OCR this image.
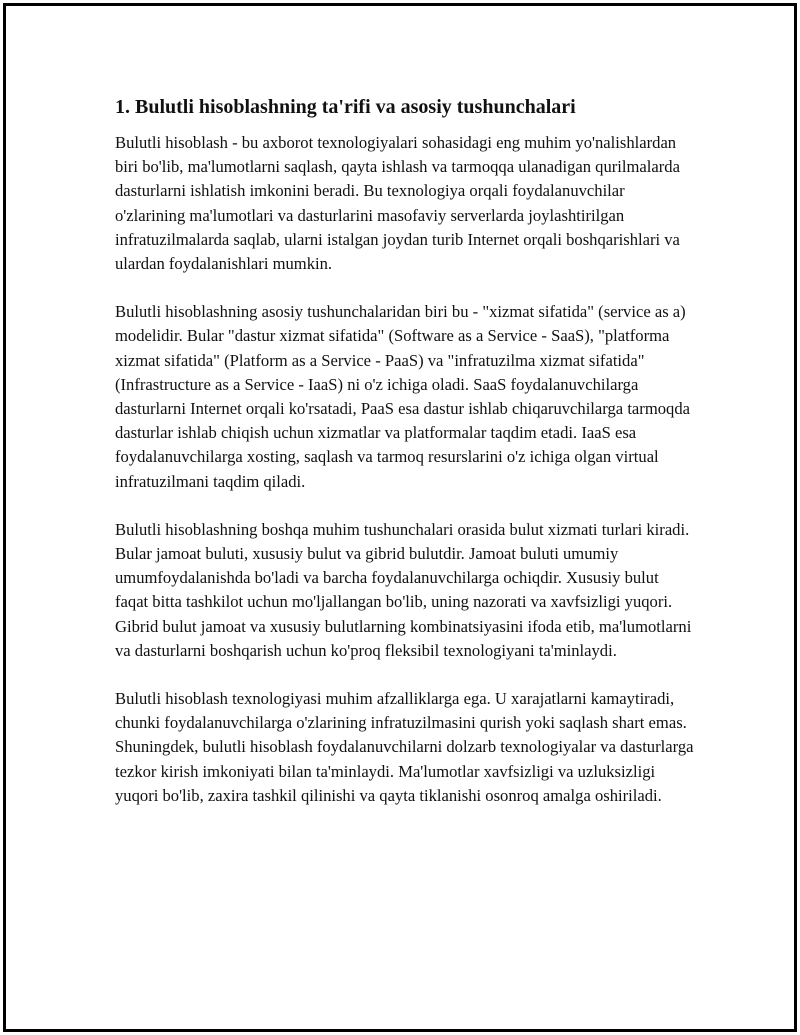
1. Bulutli hisoblashning ta'rifi va asosiy tushunchalari

Bulutli hisoblash - bu axborot texnologiyalari sohasidagi eng muhim yo'nalishlardan biri bo'lib, ma'lumotlarni saqlash, qayta ishlash va tarmoqqa ulanadigan qurilmalarda dasturlarni ishlatish imkonini beradi. Bu texnologiya orqali foydalanuvchilar o'zlarining ma'lumotlari va dasturlarini masofaviy serverlarda joylashtirilgan infratuzilmalarda saqlab, ularni istalgan joydan turib Internet orqali boshqarishlari va ulardan foydalanishlari mumkin.

Bulutli hisoblashning asosiy tushunchalaridan biri bu - "xizmat sifatida" (service as a) modelidir. Bular "dastur xizmat sifatida" (Software as a Service - SaaS), "platforma xizmat sifatida" (Platform as a Service - PaaS) va "infratuzilma xizmat sifatida" (Infrastructure as a Service - IaaS) ni o'z ichiga oladi. SaaS foydalanuvchilarga dasturlarni Internet orqali ko'rsatadi, PaaS esa dastur ishlab chiqaruvchilarga tarmoqda dasturlar ishlab chiqish uchun xizmatlar va platformalar taqdim etadi. IaaS esa foydalanuvchilarga xosting, saqlash va tarmoq resurslarini o'z ichiga olgan virtual infratuzilmani taqdim qiladi.

Bulutli hisoblashning boshqa muhim tushunchalari orasida bulut xizmati turlari kiradi. Bular jamoat buluti, xususiy bulut va gibrid bulutdir. Jamoat buluti umumiy umumfoydalanishda bo'ladi va barcha foydalanuvchilarga ochiqdir. Xususiy bulut faqat bitta tashkilot uchun mo'ljallangan bo'lib, uning nazorati va xavfsizligi yuqori. Gibrid bulut jamoat va xususiy bulutlarning kombinatsiyasini ifoda etib, ma'lumotlarni va dasturlarni boshqarish uchun ko'proq fleksibil texnologiyani ta'minlaydi.

Bulutli hisoblash texnologiyasi muhim afzalliklarga ega. U xarajatlarni kamaytiradi, chunki foydalanuvchilarga o'zlarining infratuzilmasini qurish yoki saqlash shart emas. Shuningdek, bulutli hisoblash foydalanuvchilarni dolzarb texnologiyalar va dasturlarga tezkor kirish imkoniyati bilan ta'minlaydi. Ma'lumotlar xavfsizligi va uzluksizligi yuqori bo'lib, zaxira tashkil qilinishi va qayta tiklanishi osonroq amalga oshiriladi.
